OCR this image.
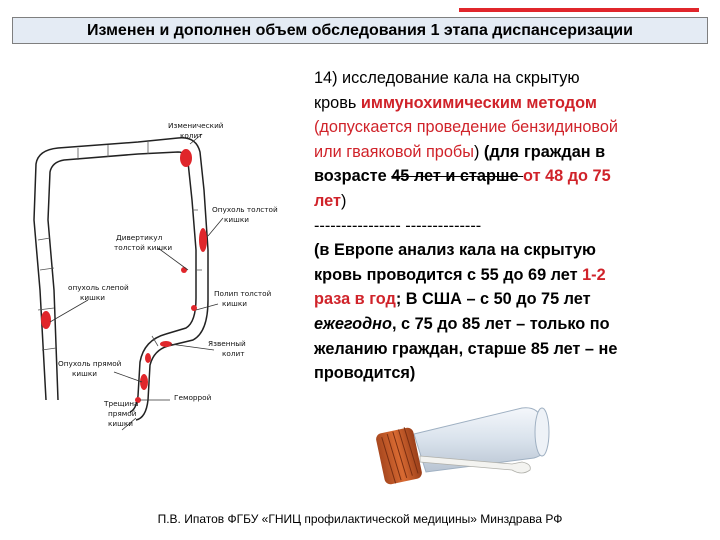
Изменен и дополнен объем обследования 1 этапа диспансеризации
Изменический
колит
Опухоль толстой
кишки
Дивертикул
толстой кишки
опухоль слепой
кишки	Полип толстой
кишки
Язвенный
колит
Опухоль прямой
кишки
Геморрой
Трещина
прямой
кишки
14) исследование кала на скрытую
кровь иммунохимическим методом
(допускается проведение бензидиновой
или гваяковой пробы) (для граждан в
возрасте 45 лет и старше от 48 до 75
лет)
---------------- --------------
(в Европе анализ кала на скрытую
кровь проводится с 55 до 69 лет 1-2
раза в год; В США – с 50 до 75 лет
ежегодно, с 75 до 85 лет – только по
желанию граждан, старше 85 лет – не
проводится)
П.В. Ипатов ФГБУ «ГНИЦ профилактической медицины» Минздрава РФ
